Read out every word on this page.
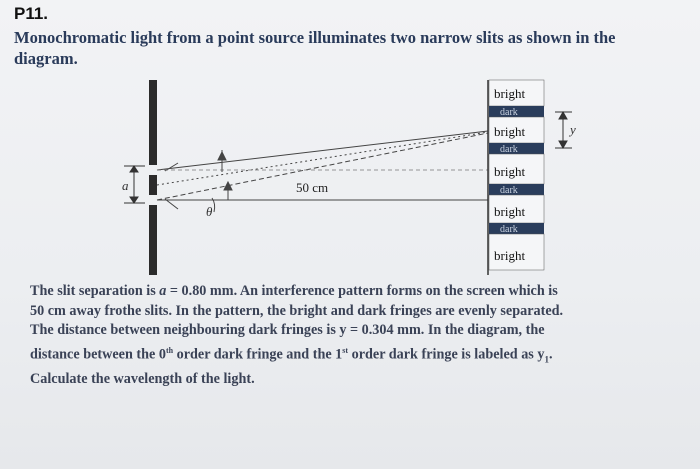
P11.
Monochromatic light from a point source illuminates two narrow slits as shown in the
diagram.
a
θ
50 cm
bright
dark
bright
dark
bright
dark
bright
dark
bright
y
The slit separation is a = 0.80 mm. An interference pattern forms on the screen which is
50 cm away frothe slits. In the pattern, the bright and dark fringes are evenly separated.
The distance between neighbouring dark fringes is y = 0.304 mm. In the diagram, the
distance between the 0th order dark fringe and the 1st order dark fringe is labeled as $y_1$.
Calculate the wavelength of the light.
